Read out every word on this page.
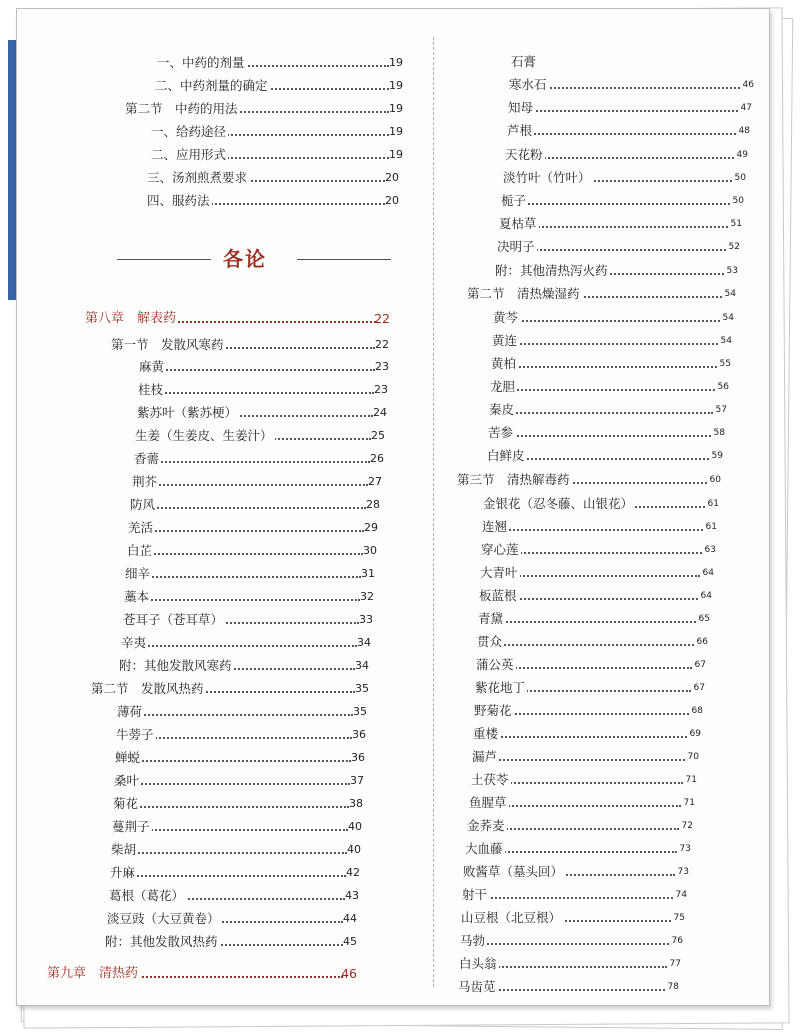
一、中药的剂量	19
二、中药剂量的确定	19
第二节　中药的用法	19
一、给药途径	19
二、应用形式	19
三、汤剂煎煮要求	20
四、服药法	20
各论
第八章　解表药	22
第一节　发散风寒药	22
麻黄	23
桂枝	23
紫苏叶（紫苏梗）	24
生姜（生姜皮、生姜汁）	25
香薷	26
荆芥	27
防风	28
羌活	29
白芷	30
细辛	31
藁本	32
苍耳子（苍耳草）	33
辛夷	34
附：其他发散风寒药	34
第二节　发散风热药	35
薄荷	35
牛蒡子	36
蝉蜕	36
桑叶	37
菊花	38
蔓荆子	40
柴胡	40
升麻	42
葛根（葛花）	43
淡豆豉（大豆黄卷）	44
附：其他发散风热药	45
第九章　清热药	46
石膏
寒水石	46
知母	47
芦根	48
天花粉	49
淡竹叶（竹叶）	50
栀子	50
夏枯草	51
决明子	52
附：其他清热泻火药	53
第二节　清热燥湿药	54
黄芩	54
黄连	54
黄柏	55
龙胆	56
秦皮	57
苦参	58
白鲜皮	59
第三节　清热解毒药	60
金银花（忍冬藤、山银花）	61
连翘	61
穿心莲	63
大青叶	64
板蓝根	64
青黛	65
贯众	66
蒲公英	67
紫花地丁	67
野菊花	68
重楼	69
漏芦	70
土茯苓	71
鱼腥草	71
金荞麦	72
大血藤	73
败酱草（墓头回）	73
射干	74
山豆根（北豆根）	75
马勃	76
白头翁	77
马齿苋	78
